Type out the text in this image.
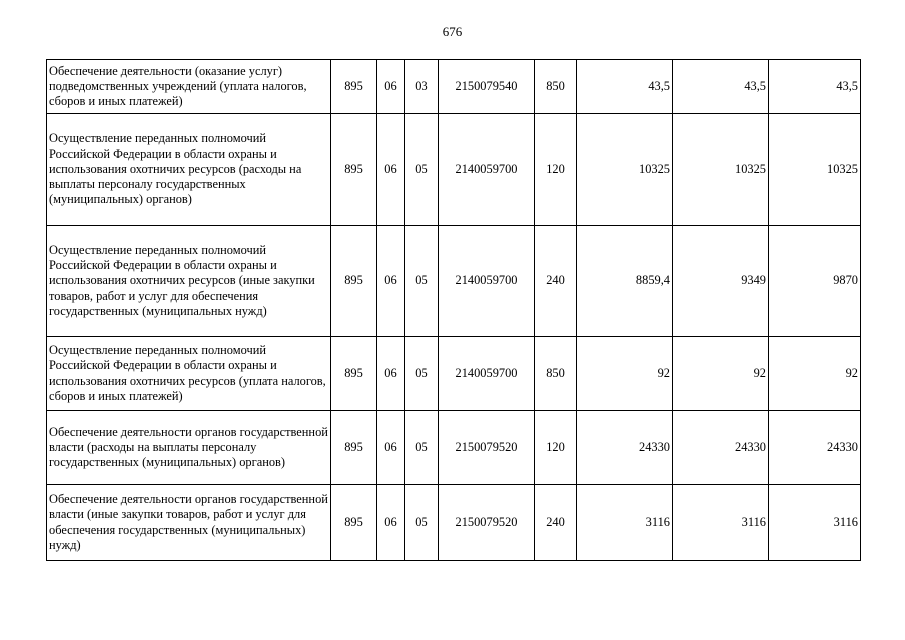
676
Обеспечение деятельности (оказание услуг) подведомственных учреждений (уплата налогов, сборов и иных платежей)	895	06	03	2150079540	850	43,5	43,5	43,5
Осуществление переданных полномочий Российской Федерации в области охраны и использования охотничих ресурсов (расходы на выплаты персоналу государственных (муниципальных) органов)	895	06	05	2140059700	120	10325	10325	10325
Осуществление переданных полномочий Российской Федерации в области охраны и использования охотничих ресурсов (иные закупки товаров, работ и услуг для обеспечения государственных (муниципальных нужд)	895	06	05	2140059700	240	8859,4	9349	9870
Осуществление переданных полномочий Российской Федерации в области охраны и использования охотничих ресурсов (уплата налогов, сборов и иных платежей)	895	06	05	2140059700	850	92	92	92
Обеспечение деятельности органов государственной власти (расходы на выплаты персоналу государственных (муниципальных) органов)	895	06	05	2150079520	120	24330	24330	24330
Обеспечение деятельности органов государственной власти (иные закупки товаров, работ и услуг для обеспечения государственных (муниципальных) нужд)	895	06	05	2150079520	240	3116	3116	3116
